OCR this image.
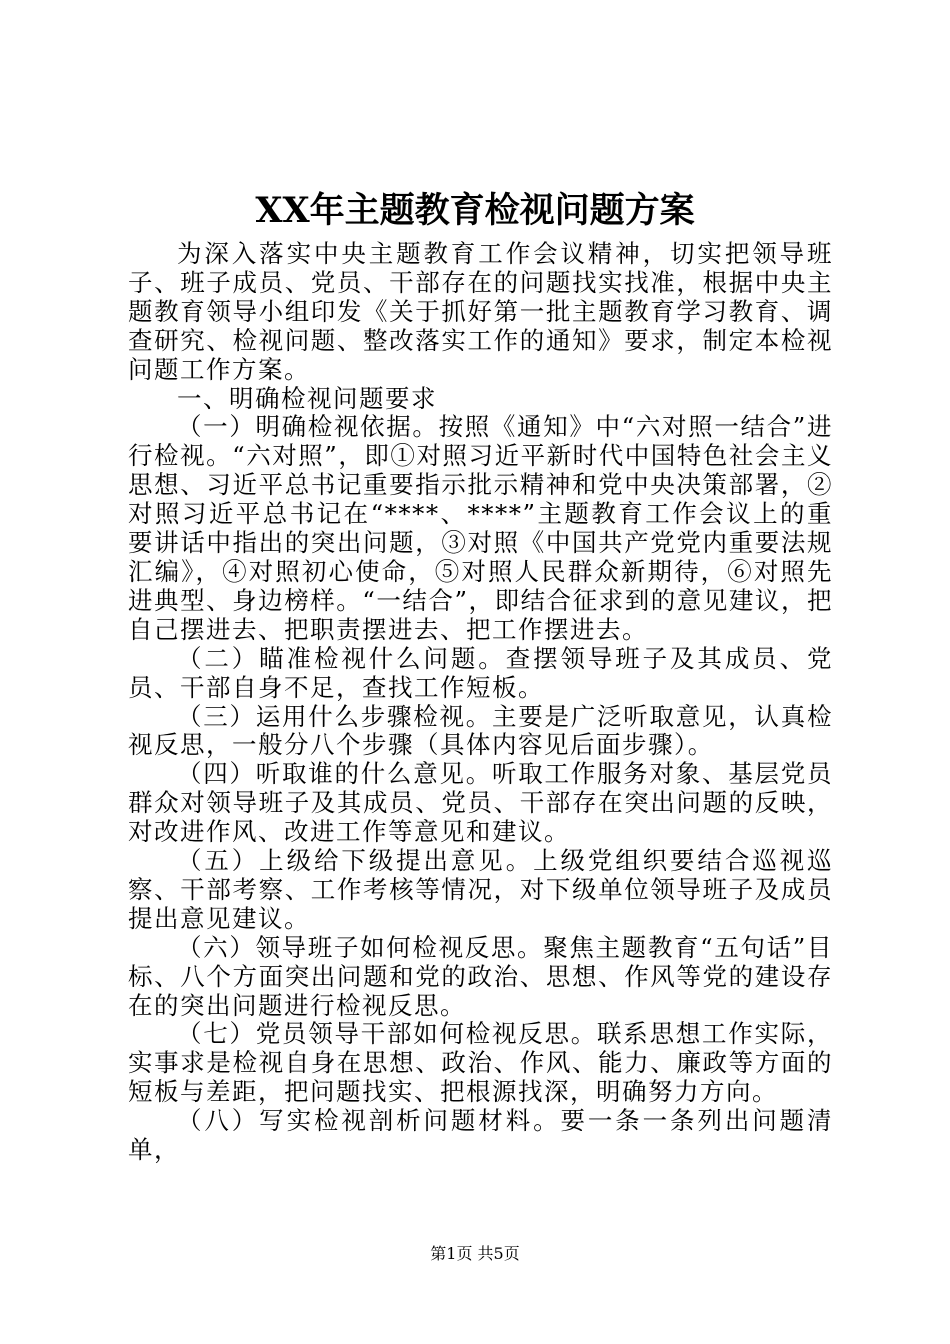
XX年主题教育检视问题方案

为深入落实中央主题教育工作会议精神，切实把领导班子、班子成员、党员、干部存在的问题找实找准，根据中央主题教育领导小组印发《关于抓好第一批主题教育学习教育、调查研究、检视问题、整改落实工作的通知》要求，制定本检视问题工作方案。

一、明确检视问题要求

（一）明确检视依据。按照《通知》中“六对照一结合”进行检视。“六对照”，即①对照习近平新时代中国特色社会主义思想、习近平总书记重要指示批示精神和党中央决策部署，②对照习近平总书记在“****、****”主题教育工作会议上的重要讲话中指出的突出问题，③对照《中国共产党党内重要法规汇编》，④对照初心使命，⑤对照人民群众新期待，⑥对照先进典型、身边榜样。“一结合”，即结合征求到的意见建议，把自己摆进去、把职责摆进去、把工作摆进去。

（二）瞄准检视什么问题。查摆领导班子及其成员、党员、干部自身不足，查找工作短板。

（三）运用什么步骤检视。主要是广泛听取意见，认真检视反思，一般分八个步骤（具体内容见后面步骤）。

（四）听取谁的什么意见。听取工作服务对象、基层党员群众对领导班子及其成员、党员、干部存在突出问题的反映，对改进作风、改进工作等意见和建议。

（五）上级给下级提出意见。上级党组织要结合巡视巡察、干部考察、工作考核等情况，对下级单位领导班子及成员提出意见建议。

（六）领导班子如何检视反思。聚焦主题教育“五句话”目标、八个方面突出问题和党的政治、思想、作风等党的建设存在的突出问题进行检视反思。

（七）党员领导干部如何检视反思。联系思想工作实际，实事求是检视自身在思想、政治、作风、能力、廉政等方面的短板与差距，把问题找实、把根源找深，明确努力方向。

（八）写实检视剖析问题材料。要一条一条列出问题清单，

第1页 共5页
